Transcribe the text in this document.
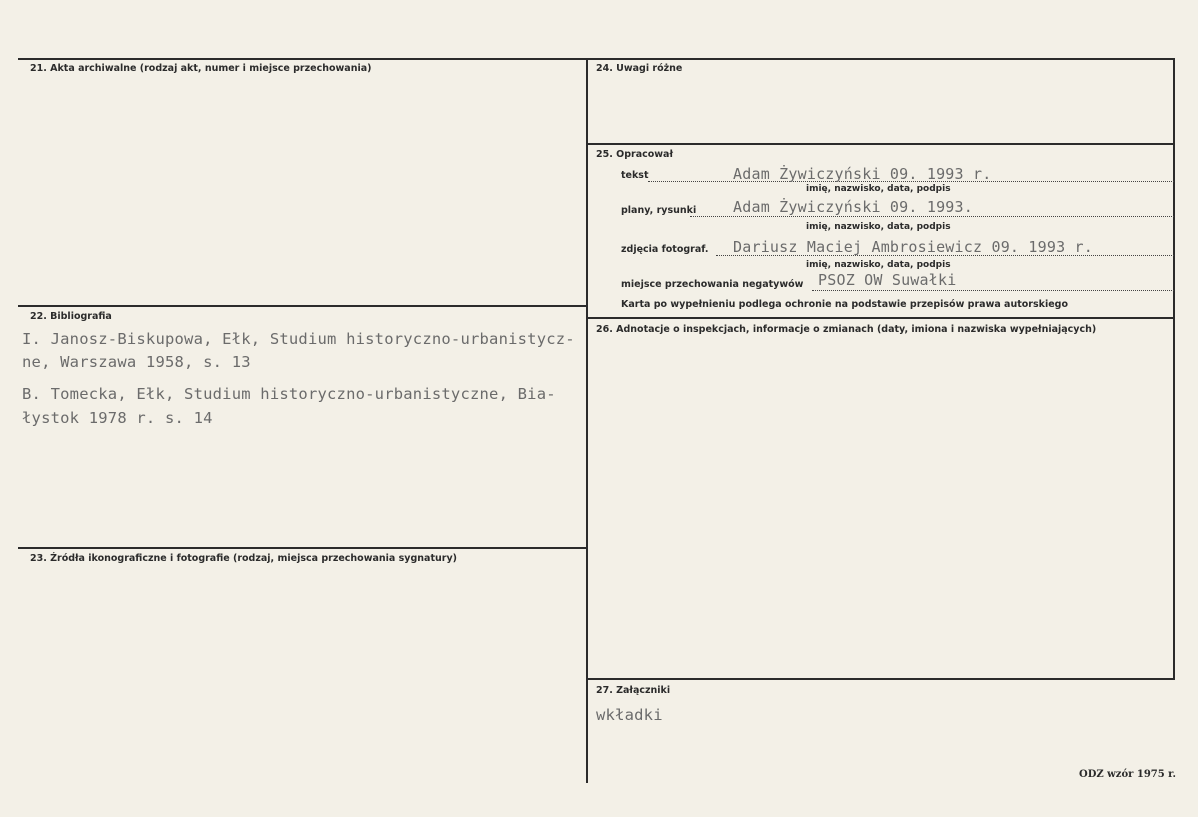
21. Akta archiwalne (rodzaj akt, numer i miejsce przechowania)
22. Bibliografia
I. Janosz-Biskupowa, Ełk, Studium historyczno-urbanistycz-
ne, Warszawa 1958, s. 13
B. Tomecka, Ełk, Studium historyczno-urbanistyczne, Bia-
łystok 1978 r. s. 14
23. Źródła ikonograficzne i fotografie (rodzaj, miejsca przechowania sygnatury)
24. Uwagi różne
25. Opracował
tekst	Adam Żywiczyński 09. 1993 r.
imię, nazwisko, data, podpis
plany, rysunki Adam Żywiczyński 09. 1993.
imię, nazwisko, data, podpis
zdjęcia fotograf. Dariusz Maciej Ambrosiewicz 09. 1993 r.
imię, nazwisko, data, podpis
miejsce przechowania negatywów PSOZ OW Suwałki
Karta po wypełnieniu podlega ochronie na podstawie przepisów prawa autorskiego
26. Adnotacje o inspekcjach, informacje o zmianach (daty, imiona i nazwiska wypełniających)
27. Załączniki
wkładki
ODZ wzór 1975 r.
